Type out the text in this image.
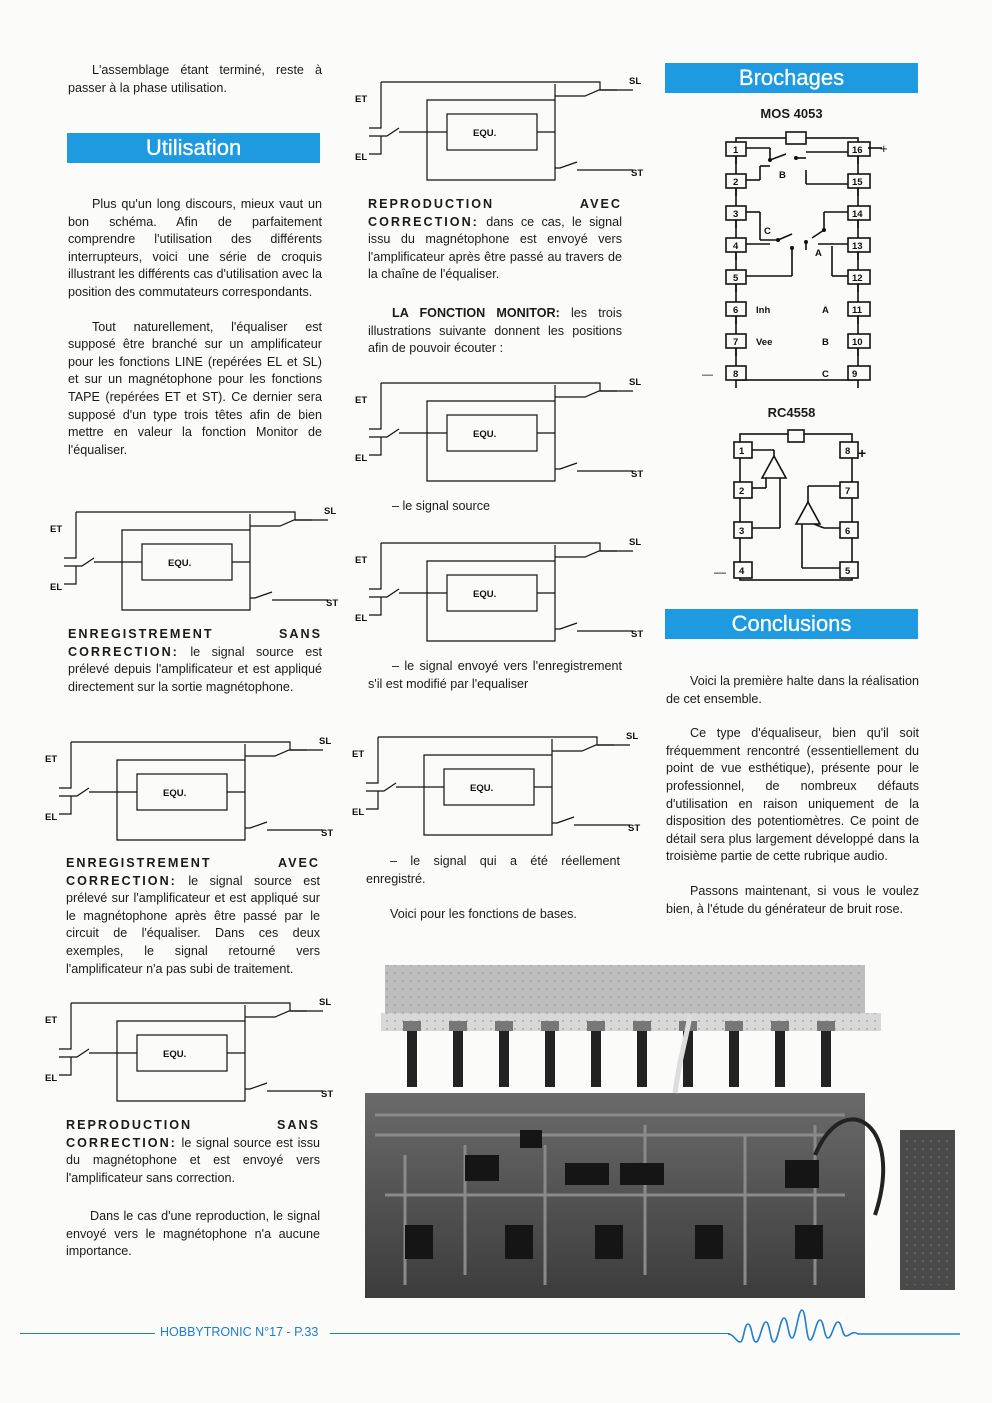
L'assemblage étant terminé, reste à passer à la phase utilisation.

Utilisation

Plus qu'un long discours, mieux vaut un bon schéma. Afin de parfaitement comprendre l'utilisation des différents interrupteurs, voici une série de croquis illustrant les différents cas d'utilisation avec la position des commutateurs correspondants.

Tout naturellement, l'équaliser est supposé être branché sur un amplificateur pour les fonctions LINE (repérées EL et SL) et sur un magnétophone pour les fonctions TAPE (repérées ET et ST). Ce dernier sera supposé d'un type trois têtes afin de bien mettre en valeur la fonction Monitor de l'équaliser.

ET
EL
SL
ST
EQU.
ENREGISTREMENT SANS CORRECTION: le signal source est prélevé depuis l'amplificateur et est appliqué directement sur la sortie magnétophone.
ET
EL
SL
ST
EQU.
ENREGISTREMENT AVEC CORRECTION: le signal source est prélevé sur l'amplificateur et est appliqué sur le magnétophone après être passé par le circuit de l'équaliser. Dans ces deux exemples, le signal retourné vers l'amplificateur n'a pas subi de traitement.
ET
EL
SL
ST
EQU.
REPRODUCTION SANS CORRECTION: le signal source est issu du magnétophone et est envoyé vers l'amplificateur sans correction.

Dans le cas d'une reproduction, le signal envoyé vers le magnétophone n'a aucune importance.

ET
EL
SL
ST
EQU.
REPRODUCTION AVEC CORRECTION: dans ce cas, le signal issu du magnétophone est envoyé vers l'amplificateur après être passé au travers de la chaîne de l'équaliser.
LA FONCTION MONITOR: les trois illustrations suivante donnent les positions afin de pouvoir écouter :
ET
EL
SL
ST
EQU.

– le signal source

ET
EL
SL
ST
EQU.

– le signal envoyé vers l'enregistrement s'il est modifié par l'equaliser

ET
EL
SL
ST
EQU.

– le signal qui a été réellement enregistré.

Voici pour les fonctions de bases.

Brochages
MOS 4053
B
C
A
Inh
Vee
A
B
C
+
—
1
2
3
4
5
6
7
8
16
15
14
13
12
11
10
9
RC4558
1
2
3
4
8
7
6
5
+
—
Conclusions

Voici la première halte dans la réalisation de cet ensemble.

Ce type d'équaliseur, bien qu'il soit fréquemment rencontré (essentiellement du point de vue esthétique), présente pour le professionnel, de nombreux défauts d'utilisation en raison uniquement de la disposition des potentiomètres. Ce point de détail sera plus largement développé dans la troisième partie de cette rubrique audio.

Passons maintenant, si vous le voulez bien, à l'étude du générateur de bruit rose.

HOBBYTRONIC N°17 - P.33
